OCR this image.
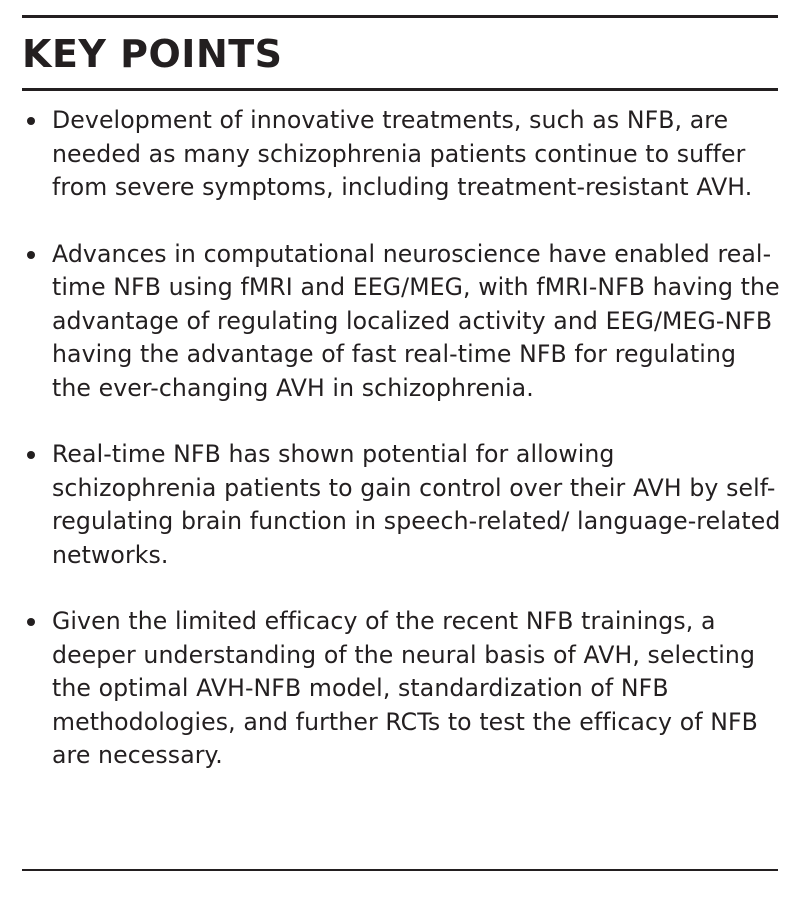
KEY POINTS
Development of innovative treatments, such as NFB, are needed as many schizophrenia patients continue to suffer from severe symptoms, including treatment-resistant AVH.
Advances in computational neuroscience have enabled real-time NFB using fMRI and EEG/MEG, with fMRI-NFB having the advantage of regulating localized activity and EEG/MEG-NFB having the advantage of fast real-time NFB for regulating the ever-changing AVH in schizophrenia.
Real-time NFB has shown potential for allowing schizophrenia patients to gain control over their AVH by self-regulating brain function in speech-related/ language-related networks.
Given the limited efficacy of the recent NFB trainings, a deeper understanding of the neural basis of AVH, selecting the optimal AVH-NFB model, standardization of NFB methodologies, and further RCTs to test the efficacy of NFB are necessary.
